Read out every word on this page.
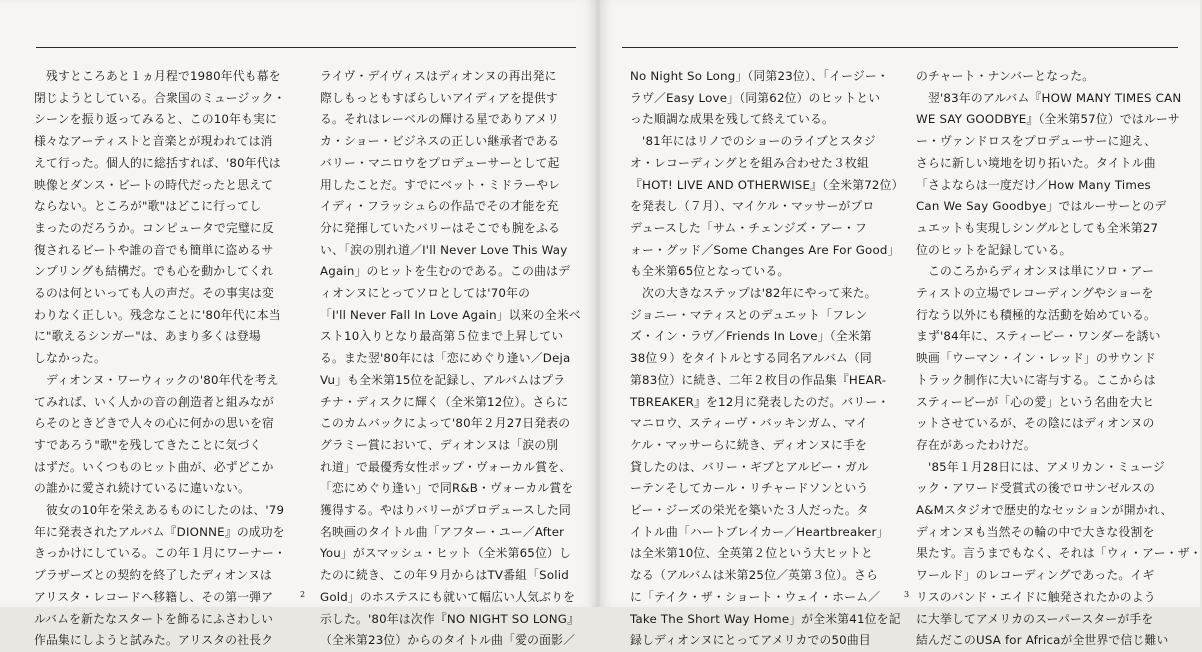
　残すところあと１ヵ月程で1980年代も幕を
閉じようとしている。合衆国のミュージック・
シーンを振り返ってみると、この10年も実に
様々なアーティストと音楽とが現われては消
えて行った。個人的に総括すれば、'80年代は
映像とダンス・ビートの時代だったと思えて
ならない。ところが"歌"はどこに行ってし
まったのだろうか。コンピュータで完璧に反
復されるビートや誰の音でも簡単に盗めるサ
ンプリングも結構だ。でも心を動かしてくれ
るのは何といっても人の声だ。その事実は変
わりなく正しい。残念なことに'80年代に本当
に"歌えるシンガー"は、あまり多くは登場
しなかった。
　ディオンヌ・ワーウィックの'80年代を考え
てみれば、いく人かの音の創造者と組みなが
らそのときどきで人々の心に何かの思いを宿
すであろう"歌"を残してきたことに気づく
はずだ。いくつものヒット曲が、必ずどこか
の誰かに愛され続けているに違いない。
　彼女の10年を栄えあるものにしたのは、'79
年に発表されたアルバム『DIONNE』の成功を
きっかけにしている。この年１月にワーナー・
ブラザーズとの契約を終了したディオンヌは
アリスタ・レコードへ移籍し、その第一弾ア
ルバムを新たなスタートを飾るにふさわしい
作品集にしようと試みた。アリスタの社長ク
ライヴ・デイヴィスはディオンヌの再出発に
際しもっともすばらしいアイディアを提供す
る。それはレーベルの輝ける星でありアメリ
カ・ショー・ビジネスの正しい継承者である
バリー・マニロウをプロデューサーとして起
用したことだ。すでにベット・ミドラーやレ
イディ・フラッシュらの作品でその才能を充
分に発揮していたバリーはそこでも腕をふる
い、「涙の別れ道／I'll Never Love This Way
Again」のヒットを生むのである。この曲はデ
ィオンヌにとってソロとしては'70年の
「I'll Never Fall In Love Again」以来の全米ベ
スト10入りとなり最高第５位まで上昇してい
る。また翌'80年には「恋にめぐり逢い／Deja
Vu」も全米第15位を記録し、アルバムはプラ
チナ・ディスクに輝く（全米第12位）。さらに
このカムバックによって'80年２月27日発表の
グラミー賞において、ディオンヌは「涙の別
れ道」で最優秀女性ポップ・ヴォーカル賞を、
「恋にめぐり逢い」で同R&B・ヴォーカル賞を
獲得する。やはりバリーがプロデュースした同
名映画のタイトル曲「アフター・ユー／After
You」がスマッシュ・ヒット（全米第65位）し
たのに続き、この年９月からはTV番組「Solid
Gold」のホステスにも就いて幅広い人気ぶりを
示した。'80年は次作『NO NIGHT SO LONG』
（全米第23位）からのタイトル曲「愛の面影／
2
No Night So Long」（同第23位）、「イージー・
ラヴ／Easy Love」（同第62位）のヒットとい
った順調な成果を残して終えている。
　'81年にはリノでのショーのライブとスタジ
オ・レコーディングとを組み合わせた３枚組
『HOT! LIVE AND OTHERWISE』（全米第72位）
を発表し（７月）、マイケル・マッサーがプロ
デュースした「サム・チェンジズ・アー・フ
ォー・グッド／Some Changes Are For Good」
も全米第65位となっている。
　次の大きなステップは'82年にやって来た。
ジョニー・マティスとのデュエット「フレン
ズ・イン・ラヴ／Friends In Love」（全米第
38位９）をタイトルとする同名アルバム（同
第83位）に続き、二年２枚目の作品集『HEAR-
TBREAKER』を12月に発表したのだ。バリー・
マニロウ、スティーヴ・バッキンガム、マイ
ケル・マッサーらに続き、ディオンヌに手を
貸したのは、バリー・ギブとアルビー・ガル
ーテンそしてカール・リチャードソンという
ビー・ジーズの栄光を築いた３人だった。タ
イトル曲「ハートブレイカー／Heartbreaker」
は全米第10位、全英第２位という大ヒットと
なる（アルバムは米第25位／英第３位）。さら
に「テイク・ザ・ショート・ウェイ・ホーム／
Take The Short Way Home」が全米第41位を記
録しディオンヌにとってアメリカでの50曲目
のチャート・ナンバーとなった。
　翌'83年のアルバム『HOW MANY TIMES CAN
WE SAY GOODBYE』（全米第57位）ではルーサ
ー・ヴァンドロスをプロデューサーに迎え、
さらに新しい境地を切り拓いた。タイトル曲
「さよならは一度だけ／How Many Times
Can We Say Goodbye」ではルーサーとのデ
ュエットも実現しシングルとしても全米第27
位のヒットを記録している。
　このころからディオンヌは単にソロ・アー
ティストの立場でレコーディングやショーを
行なう以外にも積極的な活動を始めている。
まず'84年に、スティービー・ワンダーを誘い
映画「ウーマン・イン・レッド」のサウンド
トラック制作に大いに寄与する。ここからは
スティービーが「心の愛」という名曲を大ヒ
ットさせているが、その陰にはディオンヌの
存在があったわけだ。
　'85年１月28日には、アメリカン・ミュージ
ック・アワード受賞式の後でロサンゼルスの
A&Mスタジオで歴史的なセッションが開かれ、
ディオンヌも当然その輪の中で大きな役割を
果たす。言うまでもなく、それは「ウィ・アー・ザ・
ワールド」のレコーディングであった。イギ
リスのバンド・エイドに触発されたかのよう
に大挙してアメリカのスーパースターが手を
結んだこのUSA for Africaが全世界で信じ難い
3
